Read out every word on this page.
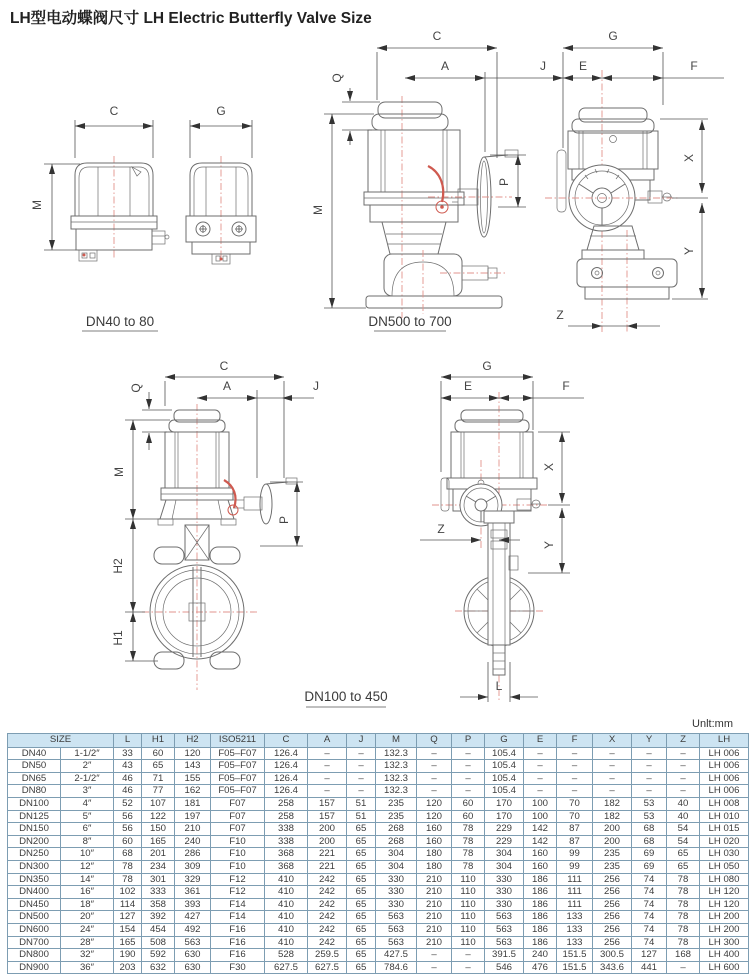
LH型电动蝶阀尺寸 LH Electric Butterfly Valve Size
C
M
G
DN40 to 80
C
A	J
Q
M
P
G
E	F
X
Y
Z
DN500 to 700
C
A	J
Q
M
H2
H1
P
G
E	F
X
Y
Z
L
DN100 to 450
Unlt:mm
SIZE		L	H1	H2	ISO5211	C	A	J	M	Q	P	G	E	F	X	Y	Z	LH
DN40	1-1/2″	33	60	120	F05–F07	126.4	–	–	132.3	–	–	105.4	–	–	–	–	–	LH 006
DN50	2″	43	65	143	F05–F07	126.4	–	–	132.3	–	–	105.4	–	–	–	–	–	LH 006
DN65	2-1/2″	46	71	155	F05–F07	126.4	–	–	132.3	–	–	105.4	–	–	–	–	–	LH 006
DN80	3″	46	77	162	F05–F07	126.4	–	–	132.3	–	–	105.4	–	–	–	–	–	LH 006
DN100	4″	52	107	181	F07	258	157	51	235	120	60	170	100	70	182	53	40	LH 008
DN125	5″	56	122	197	F07	258	157	51	235	120	60	170	100	70	182	53	40	LH 010
DN150	6″	56	150	210	F07	338	200	65	268	160	78	229	142	87	200	68	54	LH 015
DN200	8″	60	165	240	F10	338	200	65	268	160	78	229	142	87	200	68	54	LH 020
DN250	10″	68	201	286	F10	368	221	65	304	180	78	304	160	99	235	69	65	LH 030
DN300	12″	78	234	309	F10	368	221	65	304	180	78	304	160	99	235	69	65	LH 050
DN350	14″	78	301	329	F12	410	242	65	330	210	110	330	186	111	256	74	78	LH 080
DN400	16″	102	333	361	F12	410	242	65	330	210	110	330	186	111	256	74	78	LH 120
DN450	18″	114	358	393	F14	410	242	65	330	210	110	330	186	111	256	74	78	LH 120
DN500	20″	127	392	427	F14	410	242	65	563	210	110	563	186	133	256	74	78	LH 200
DN600	24″	154	454	492	F16	410	242	65	563	210	110	563	186	133	256	74	78	LH 200
DN700	28″	165	508	563	F16	410	242	65	563	210	110	563	186	133	256	74	78	LH 300
DN800	32″	190	592	630	F16	528	259.5	65	427.5	–	–	391.5	240	151.5	300.5	127	168	LH 400
DN900	36″	203	632	630	F30	627.5	627.5	65	784.6	–	–	546	476	151.5	343.6	441	–	LH 600
